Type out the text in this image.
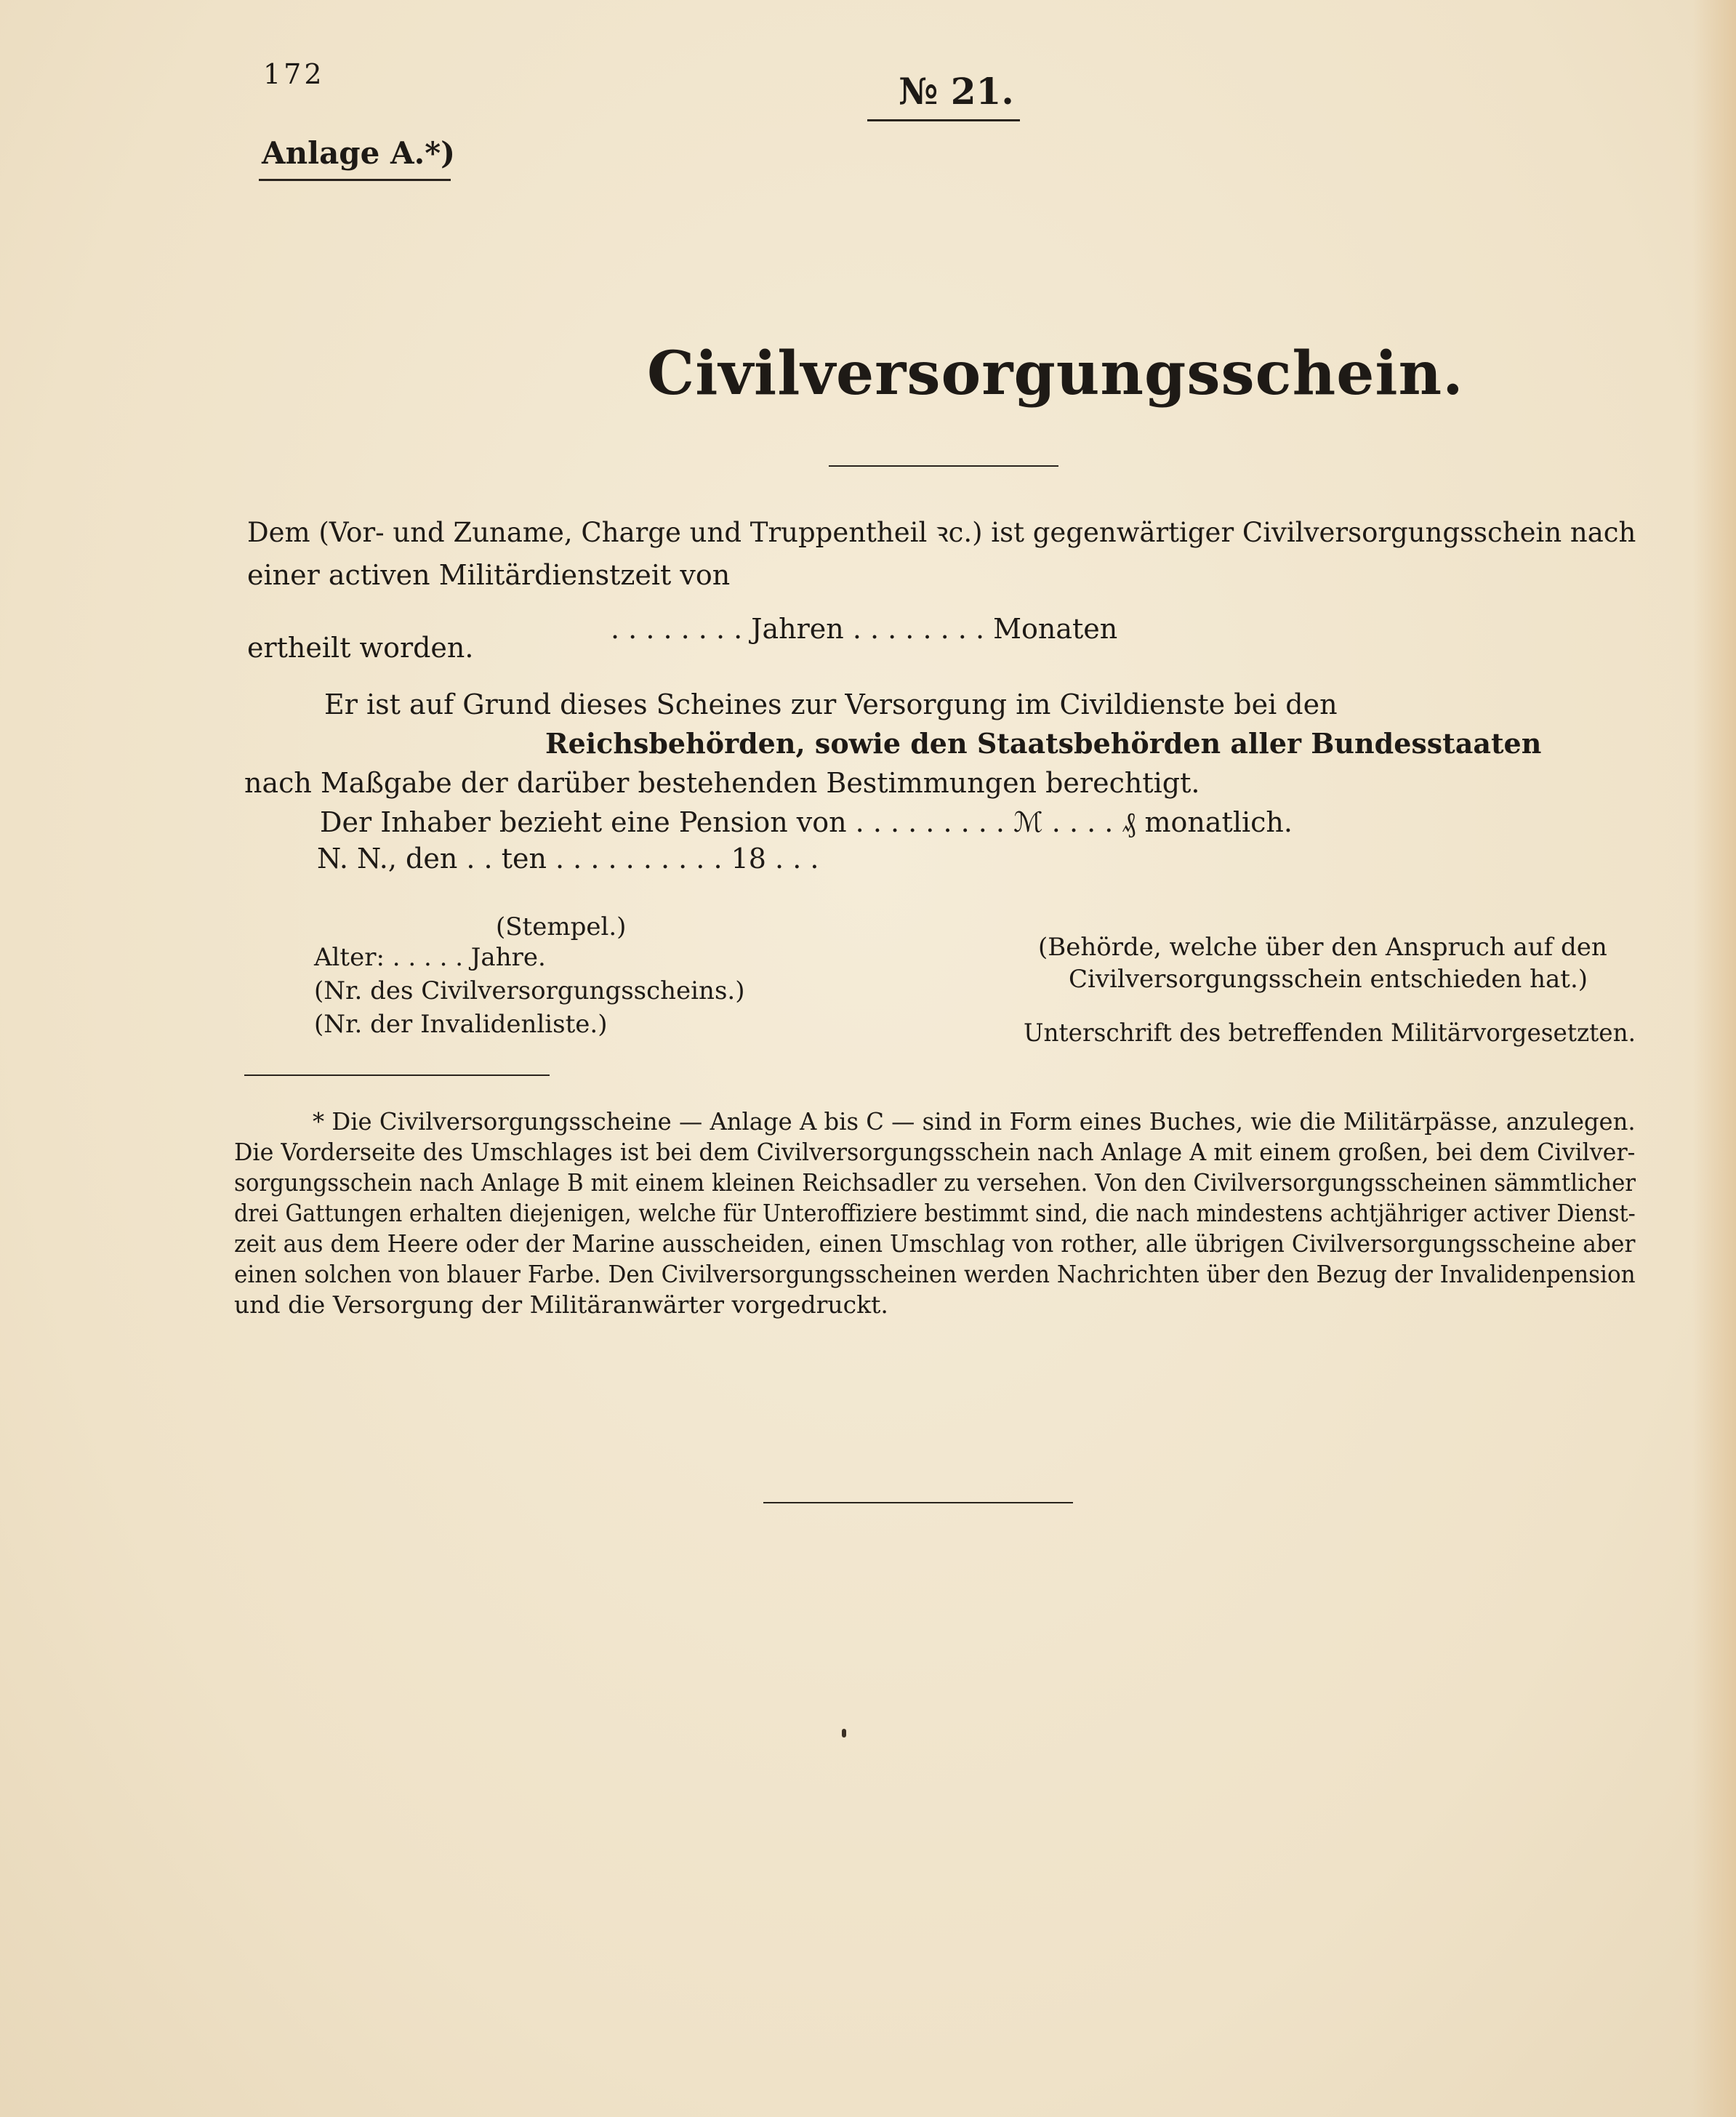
172	№ 21.
Anlage A.*)
Civilversorgungsschein.
Dem (Vor- und Zuname, Charge und Truppentheil ꝛc.) ist gegenwärtiger Civilversorgungsschein nach
einer activen Militärdienstzeit von
. . . . . . . . Jahren . . . . . . . . Monaten
ertheilt worden.
Er ist auf Grund dieses Scheines zur Versorgung im Civildienste bei den
Reichsbehörden, sowie den Staatsbehörden aller Bundesstaaten
nach Maßgabe der darüber bestehenden Bestimmungen berechtigt.
Der Inhaber bezieht eine Pension von . . . . . . . . . ℳ . . . . ₰ monatlich.
N. N., den . . ten . . . . . . . . . . 18 . . .
(Stempel.)
Alter: . . . . . Jahre.
(Nr. des Civilversorgungsscheins.)
(Nr. der Invalidenliste.)
(Behörde, welche über den Anspruch auf den
Civilversorgungsschein entschieden hat.)
Unterschrift des betreffenden Militärvorgesetzten.
* Die Civilversorgungsscheine — Anlage A bis C — sind in Form eines Buches, wie die Militärpässe, anzulegen.
Die Vorderseite des Umschlages ist bei dem Civilversorgungsschein nach Anlage A mit einem großen, bei dem Civilver-
sorgungsschein nach Anlage B mit einem kleinen Reichsadler zu versehen. Von den Civilversorgungsscheinen sämmtlicher
drei Gattungen erhalten diejenigen, welche für Unteroffiziere bestimmt sind, die nach mindestens achtjähriger activer Dienst-
zeit aus dem Heere oder der Marine ausscheiden, einen Umschlag von rother, alle übrigen Civilversorgungsscheine aber
einen solchen von blauer Farbe. Den Civilversorgungsscheinen werden Nachrichten über den Bezug der Invalidenpension
und die Versorgung der Militäranwärter vorgedruckt.
